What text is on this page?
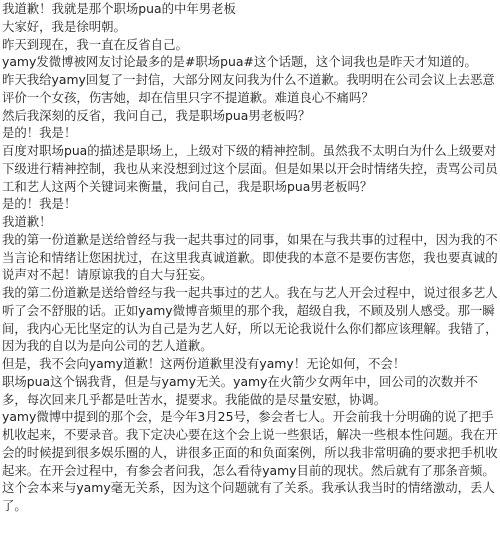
我道歉！我就是那个职场pua的中年男老板

大家好，我是徐明朝。

昨天到现在，我一直在反省自己。

yamy发微博被网友讨论最多的是#职场pua#这个话题，这个词我也是昨天才知道的。

昨天我给yamy回复了一封信，大部分网友问我为什么不道歉。我明明在公司会议上去恶意评价一个女孩，伤害她，却在信里只字不提道歉。难道良心不痛吗？

然后我深刻的反省，我问自己，我是职场pua男老板吗？

是的！我是！

百度对职场pua的描述是职场上，上级对下级的精神控制。虽然我不太明白为什么上级要对下级进行精神控制，我也从来没想到过这个层面。但是如果以开会时情绪失控，责骂公司员工和艺人这两个关键词来衡量，我问自己，我是职场pua男老板吗？

是的！我是！

我道歉！

我的第一份道歉是送给曾经与我一起共事过的同事，如果在与我共事的过程中，因为我的不当言论和情绪让您困扰过，在这里我真诚道歉。即使我的本意不是要伤害您，我也要真诚的说声对不起！请原谅我的自大与狂妄。

我的第二份道歉是送给曾经与我一起共事过的艺人。我在与艺人开会过程中，说过很多艺人听了会不舒服的话。正如yamy微博音频里的那个我，超级自我，不顾及别人感受。那一瞬间，我内心无比坚定的认为自己是为艺人好，所以无论我说什么你们都应该理解。我错了，因为我的自以为是向公司的艺人道歉。

但是，我不会向yamy道歉！这两份道歉里没有yamy！无论如何，不会！

职场pua这个锅我背，但是与yamy无关。yamy在火箭少女两年中，回公司的次数并不多，每次回来几乎都是吐苦水，提要求。我能做的是尽量安慰，协调。

yamy微博中提到的那个会，是今年3月25号，参会者七人。开会前我十分明确的说了把手机收起来，不要录音。我下定决心要在这个会上说一些狠话，解决一些根本性问题。我在开会的时候提到很多娱乐圈的人，讲很多正面的和负面案例，所以我非常明确的要求把手机收起来。在开会过程中，有参会者问我，怎么看待yamy目前的现状。然后就有了那条音频。这个会本来与yamy毫无关系，因为这个问题就有了关系。我承认我当时的情绪激动，丢人了。
